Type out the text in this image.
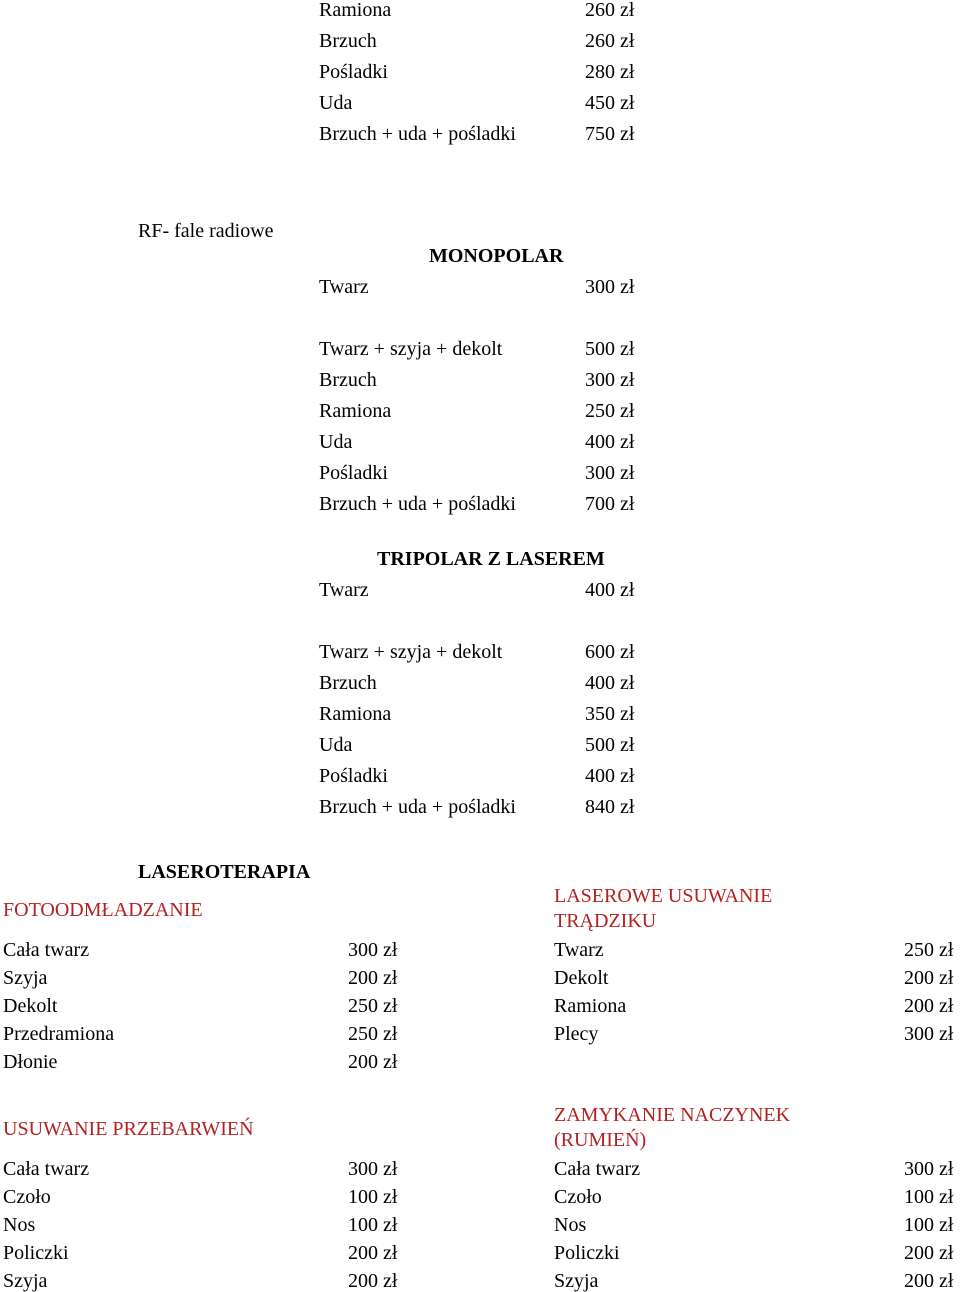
Ramiona	260 zł
Brzuch	260 zł
Pośladki	280 zł
Uda	450 zł
Brzuch + uda + pośladki	750 zł
RF- fale radiowe
MONOPOLAR
Twarz	300 zł
Twarz + szyja + dekolt	500 zł
Brzuch	300 zł
Ramiona	250 zł
Uda	400 zł
Pośladki	300 zł
Brzuch + uda + pośladki	700 zł
TRIPOLAR Z LASEREM
Twarz	400 zł
Twarz + szyja + dekolt	600 zł
Brzuch	400 zł
Ramiona	350 zł
Uda	500 zł
Pośladki	400 zł
Brzuch + uda + pośladki	840 zł
LASEROTERAPIA
FOTOODMŁADZANIE
Cała twarz	300 zł
Szyja	200 zł
Dekolt	250 zł
Przedramiona	250 zł
Dłonie	200 zł
LASEROWE USUWANIE TRĄDZIKU
Twarz	250 zł
Dekolt	200 zł
Ramiona	200 zł
Plecy	300 zł
USUWANIE PRZEBARWIEŃ
Cała twarz	300 zł
Czoło	100 zł
Nos	100 zł
Policzki	200 zł
Szyja	200 zł
ZAMYKANIE NACZYNEK (RUMIEŃ)
Cała twarz	300 zł
Czoło	100 zł
Nos	100 zł
Policzki	200 zł
Szyja	200 zł
